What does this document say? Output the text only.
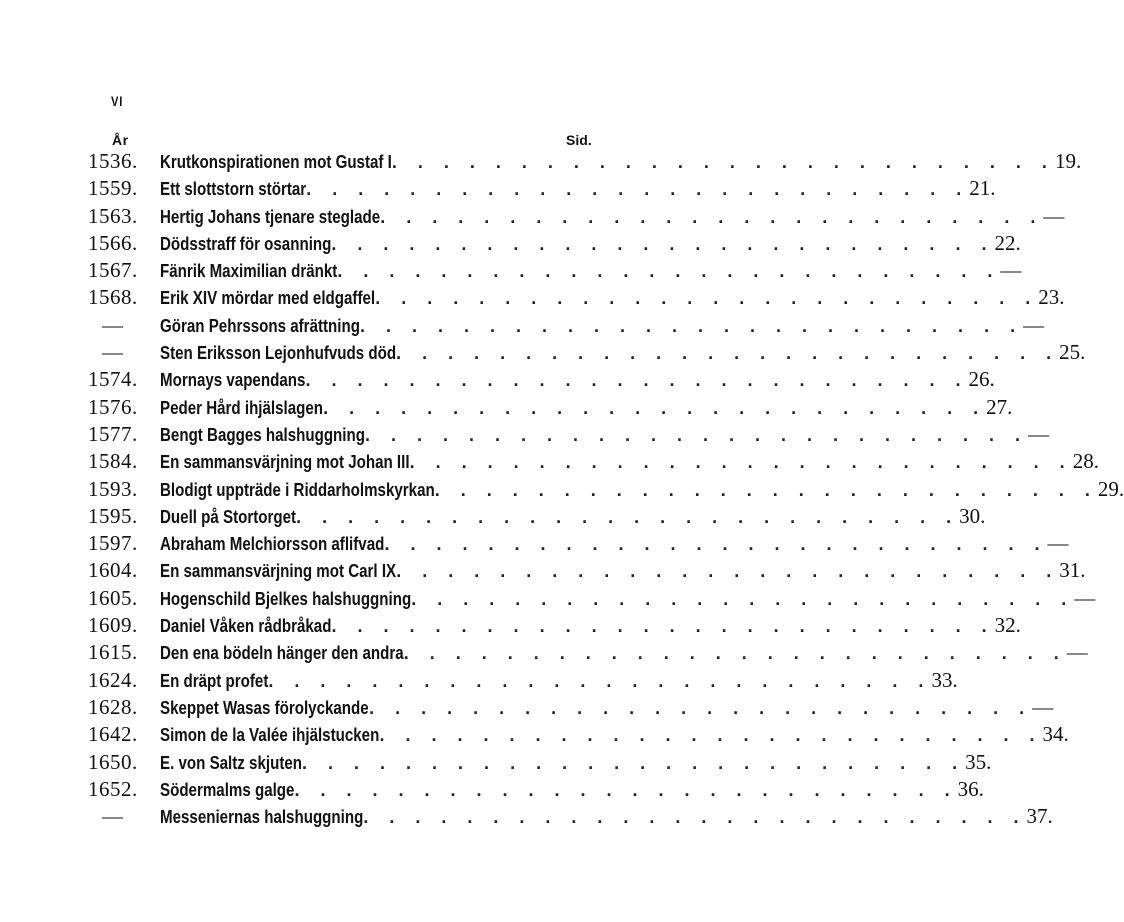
VI
År	Sid.
1536.	Krutkonspirationen mot Gustaf I . . . . . . . . . . . . . . . . . . . . . . . . . . 19.
1559.	Ett slottstorn störtar . . . . . . . . . . . . . . . . . . . . . . . . . . 21.
1563.	Hertig Johans tjenare steglade . . . . . . . . . . . . . . . . . . . . . . . . . . —
1566.	Dödsstraff för osanning . . . . . . . . . . . . . . . . . . . . . . . . . . 22.
1567.	Fänrik Maximilian dränkt . . . . . . . . . . . . . . . . . . . . . . . . . . —
1568.	Erik XIV mördar med eldgaffel . . . . . . . . . . . . . . . . . . . . . . . . . . 23.
—	Göran Pehrssons afrättning . . . . . . . . . . . . . . . . . . . . . . . . . . —
—	Sten Eriksson Lejonhufvuds död . . . . . . . . . . . . . . . . . . . . . . . . . . 25.
1574.	Mornays vapendans . . . . . . . . . . . . . . . . . . . . . . . . . . 26.
1576.	Peder Hård ihjälslagen . . . . . . . . . . . . . . . . . . . . . . . . . . 27.
1577.	Bengt Bagges halshuggning . . . . . . . . . . . . . . . . . . . . . . . . . . —
1584.	En sammansvärjning mot Johan III . . . . . . . . . . . . . . . . . . . . . . . . . . 28.
1593.	Blodigt uppträde i Riddarholmskyrkan . . . . . . . . . . . . . . . . . . . . . . . . . . 29.
1595.	Duell på Stortorget . . . . . . . . . . . . . . . . . . . . . . . . . . 30.
1597.	Abraham Melchiorsson aflifvad . . . . . . . . . . . . . . . . . . . . . . . . . . —
1604.	En sammansvärjning mot Carl IX . . . . . . . . . . . . . . . . . . . . . . . . . . 31.
1605.	Hogenschild Bjelkes halshuggning . . . . . . . . . . . . . . . . . . . . . . . . . . —
1609.	Daniel Våken rådbråkad . . . . . . . . . . . . . . . . . . . . . . . . . . 32.
1615.	Den ena bödeln hänger den andra . . . . . . . . . . . . . . . . . . . . . . . . . . —
1624.	En dräpt profet . . . . . . . . . . . . . . . . . . . . . . . . . . 33.
1628.	Skeppet Wasas förolyckande . . . . . . . . . . . . . . . . . . . . . . . . . . —
1642.	Simon de la Valée ihjälstucken . . . . . . . . . . . . . . . . . . . . . . . . . . 34.
1650.	E. von Saltz skjuten . . . . . . . . . . . . . . . . . . . . . . . . . . 35.
1652.	Södermalms galge . . . . . . . . . . . . . . . . . . . . . . . . . . 36.
—	Messeniernas halshuggning . . . . . . . . . . . . . . . . . . . . . . . . . . 37.
